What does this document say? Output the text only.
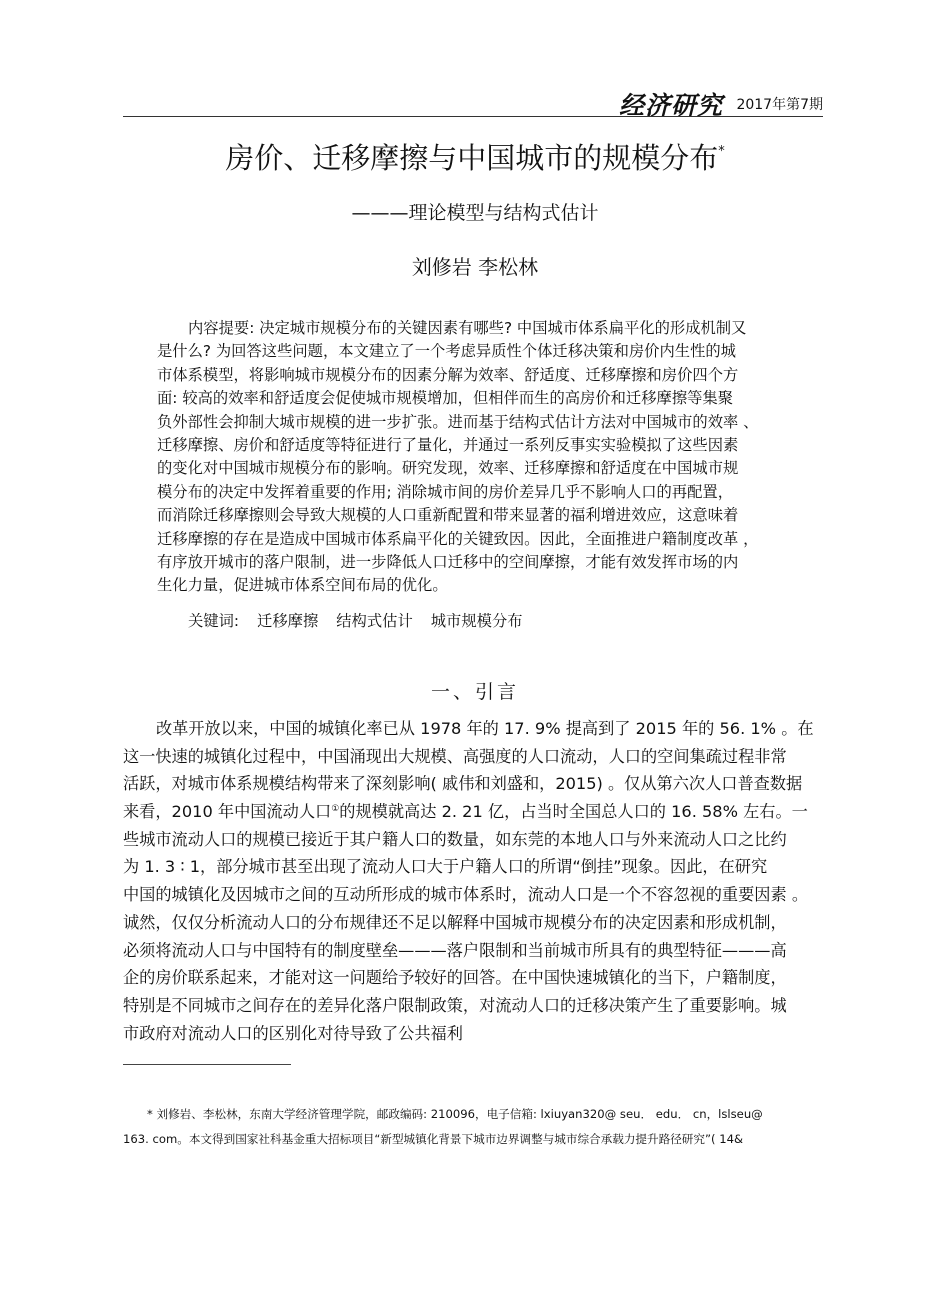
经济研究 2017年第7期
房价、迁移摩擦与中国城市的规模分布*
———理论模型与结构式估计
刘修岩 李松林
内容提要: 决定城市规模分布的关键因素有哪些? 中国城市体系扁平化的形成机制又
是什么? 为回答这些问题，本文建立了一个考虑异质性个体迁移决策和房价内生性的城
市体系模型，将影响城市规模分布的因素分解为效率、舒适度、迁移摩擦和房价四个方
面: 较高的效率和舒适度会促使城市规模增加，但相伴而生的高房价和迁移摩擦等集聚
负外部性会抑制大城市规模的进一步扩张。进而基于结构式估计方法对中国城市的效率 、
迁移摩擦、房价和舒适度等特征进行了量化，并通过一系列反事实实验模拟了这些因素
的变化对中国城市规模分布的影响。研究发现，效率、迁移摩擦和舒适度在中国城市规
模分布的决定中发挥着重要的作用; 消除城市间的房价差异几乎不影响人口的再配置，
而消除迁移摩擦则会导致大规模的人口重新配置和带来显著的福利增进效应，这意味着
迁移摩擦的存在是造成中国城市体系扁平化的关键致因。因此，全面推进户籍制度改革 ，
有序放开城市的落户限制，进一步降低人口迁移中的空间摩擦，才能有效发挥市场的内
生化力量，促进城市体系空间布局的优化。
关键词: 迁移摩擦 结构式估计 城市规模分布
一、引言
改革开放以来，中国的城镇化率已从 1978 年的 17. 9% 提高到了 2015 年的 56. 1% 。在
这一快速的城镇化过程中，中国涌现出大规模、高强度的人口流动，人口的空间集疏过程非常
活跃，对城市体系规模结构带来了深刻影响( 戚伟和刘盛和，2015) 。仅从第六次人口普查数据
来看，2010 年中国流动人口①的规模就高达 2. 21 亿，占当时全国总人口的 16. 58% 左右。一
些城市流动人口的规模已接近于其户籍人口的数量，如东莞的本地人口与外来流动人口之比约
为 1. 3 ∶ 1，部分城市甚至出现了流动人口大于户籍人口的所谓“倒挂”现象。因此，在研究
中国的城镇化及因城市之间的互动所形成的城市体系时，流动人口是一个不容忽视的重要因素 。
诚然，仅仅分析流动人口的分布规律还不足以解释中国城市规模分布的决定因素和形成机制，
必须将流动人口与中国特有的制度壁垒———落户限制和当前城市所具有的典型特征———高
企的房价联系起来，才能对这一问题给予较好的回答。在中国快速城镇化的当下，户籍制度，
特别是不同城市之间存在的差异化落户限制政策，对流动人口的迁移决策产生了重要影响。城
市政府对流动人口的区别化对待导致了公共福利
* 刘修岩、李松林，东南大学经济管理学院，邮政编码: 210096，电子信箱: lxiuyan320@ seu． edu． cn，lslseu@
163. com。本文得到国家社科基金重大招标项目“新型城镇化背景下城市边界调整与城市综合承载力提升路径研究”( 14&
